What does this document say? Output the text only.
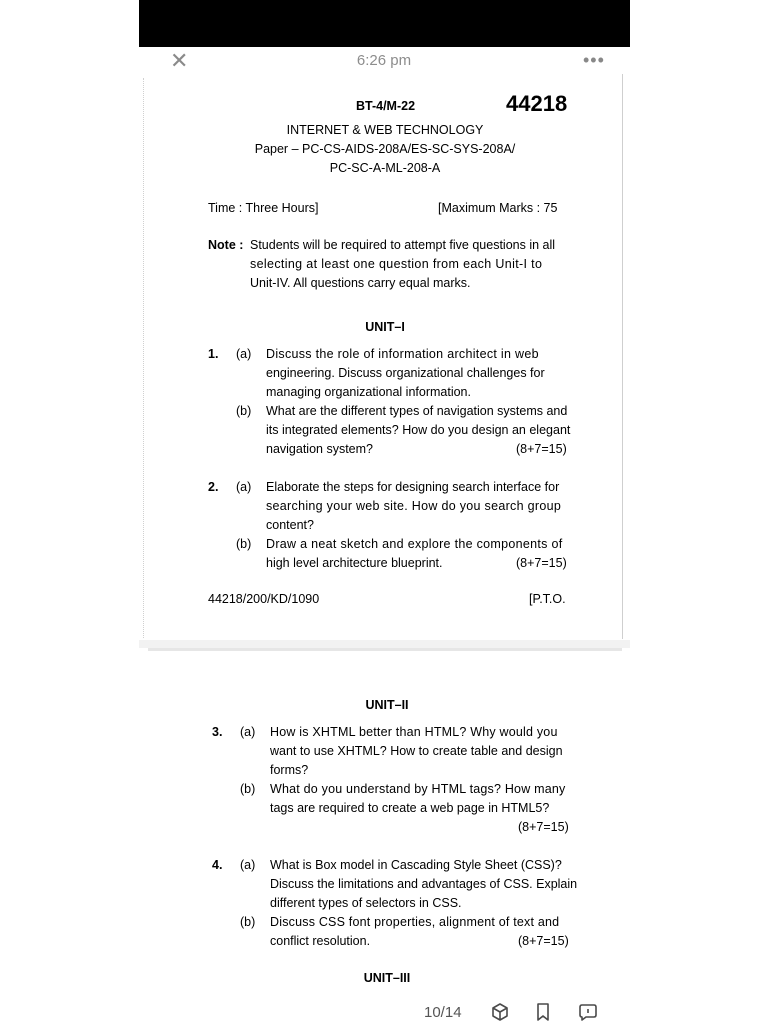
✕	6:26 pm	•••
BT-4/M-22	44218
INTERNET & WEB TECHNOLOGY
Paper – PC-CS-AIDS-208A/ES-SC-SYS-208A/
PC-SC-A-ML-208-A
Time : Three Hours]	[Maximum Marks : 75
Note : Students will be required to attempt five questions in all
selecting at least one question from each Unit-I to
Unit-IV. All questions carry equal marks.
UNIT–I
1. (a) Discuss the role of information architect in web
engineering. Discuss organizational challenges for
managing organizational information.
(b) What are the different types of navigation systems and
its integrated elements? How do you design an elegant
navigation system?	(8+7=15)
2. (a) Elaborate the steps for designing search interface for
searching your web site. How do you search group
content?
(b) Draw a neat sketch and explore the components of
high level architecture blueprint.	(8+7=15)
44218/200/KD/1090	[P.T.O.
UNIT–II
3. (a) How is XHTML better than HTML? Why would you
want to use XHTML? How to create table and design
forms?
(b) What do you understand by HTML tags? How many
tags are required to create a web page in HTML5?
(8+7=15)
4. (a) What is Box model in Cascading Style Sheet (CSS)?
Discuss the limitations and advantages of CSS. Explain
different types of selectors in CSS.
(b) Discuss CSS font properties, alignment of text and
conflict resolution.	(8+7=15)
UNIT–III
10/14
